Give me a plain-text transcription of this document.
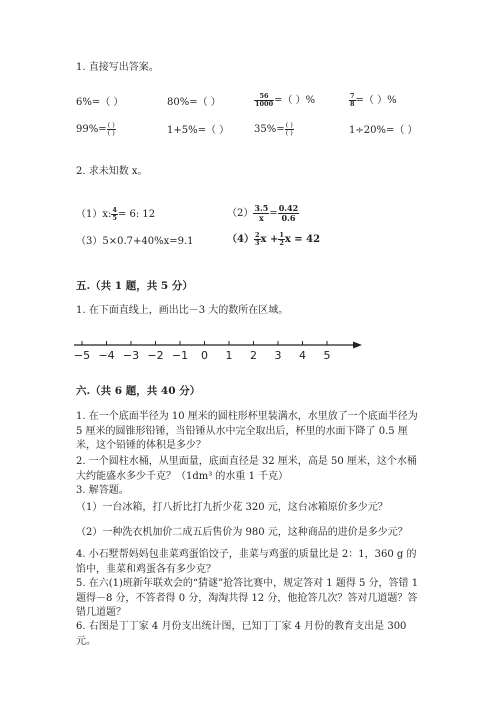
1. 直接写出答案。
6%=（ ）	80%=（ ）	$\frac{56}{1000}$ =（ ）%	$\frac{7}{8}$ =（ ）%
$99\%= \frac{( )}{( )}$	1+5%=（ ） $35\%= \frac{( )}{( )}$	1÷20%=（ ）
2. 求未知数 x。
（1）x: $\frac{4}{5} = 6$: 12	$(2) \frac{3.5}{x} = \frac{0.42}{0.6}$
（3）5×0.7+40%x=9.1	$(4) \frac{2}{3}$ $x + \frac{1}{2}$ x = 42
五.（共 1 题，共 5 分）
1. 在下面直线上，画出比－3 大的数所在区域。
−5 −4 −3 −2 −1 0 1 2 3 4 5
六.（共 6 题，共 40 分）
1. 在一个底面半径为 10 厘米的圆柱形杯里装满水，水里放了一个底面半径为 5 厘米的圆锥形铅锤，当铅锤从水中完全取出后，杯里的水面下降了 0.5 厘米，这个铅锤的体积是多少？
2. 一个圆柱水桶，从里面量，底面直径是 32 厘米，高是 50 厘米，这个水桶大约能盛水多少千克？（1dm³ 的水重 1 千克）
3. 解答题。
（1）一台冰箱，打八折比打九折少花 320 元，这台冰箱原价多少元？
（2）一种洗衣机加价二成五后售价为 980 元，这种商品的进价是多少元？
4. 小石墅帮妈妈包韭菜鸡蛋馅饺子，韭菜与鸡蛋的质量比是 2：1，360 g 的馅中，韭菜和鸡蛋各有多少克？
5. 在六(1)班新年联欢会的“猜谜”抢答比赛中，规定答对 1 题得 5 分，答错 1 题得－8 分，不答者得 0 分，淘淘共得 12 分，他抢答几次？答对几道题？答错几道题？
6. 右图是丁丁家 4 月份支出统计图，已知丁丁家 4 月份的教育支出是 300 元。
